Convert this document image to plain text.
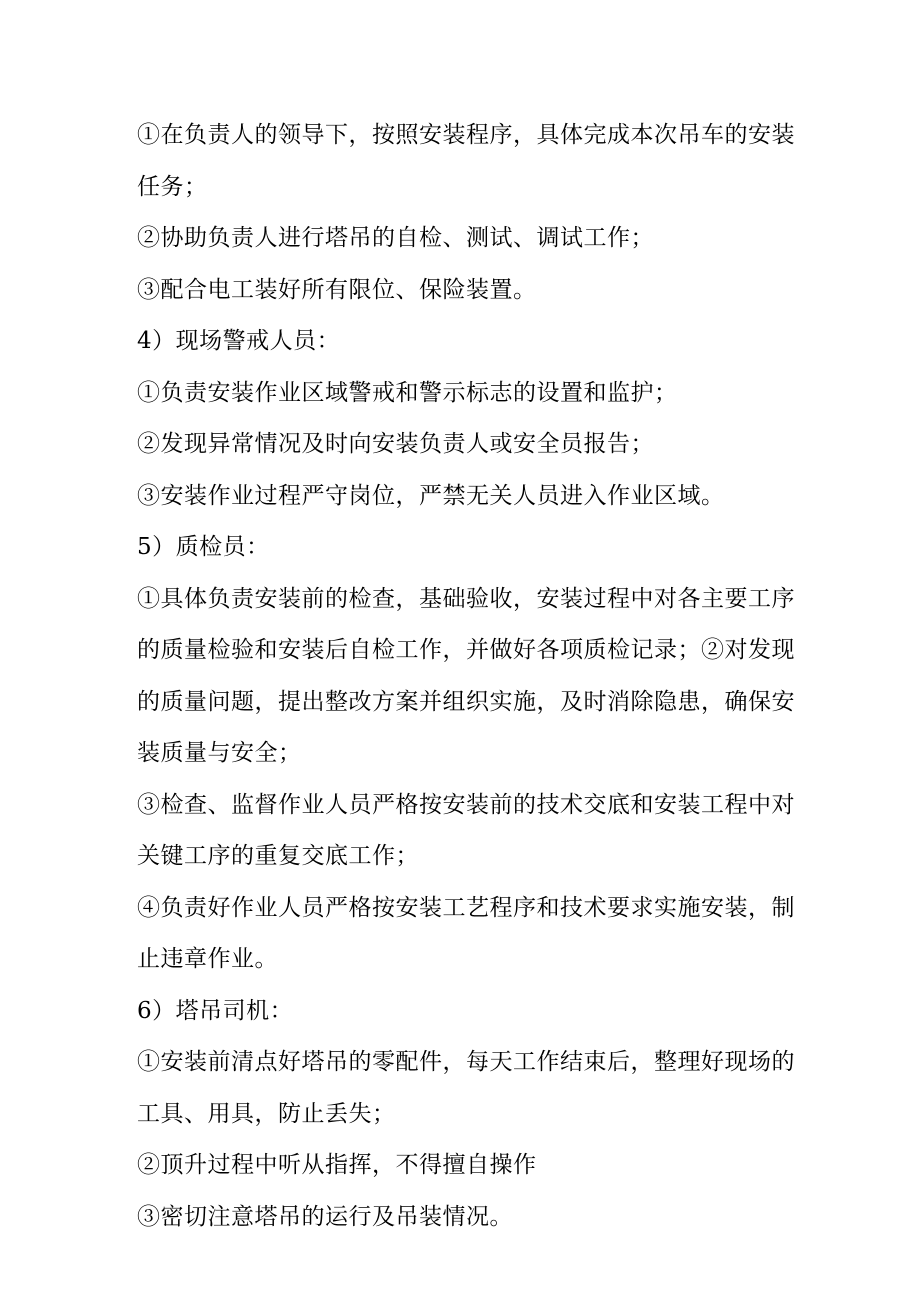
①在负责人的领导下，按照安装程序，具体完成本次吊车的安装

任务；

②协助负责人进行塔吊的自检、测试、调试工作；

③配合电工装好所有限位、保险装置。

4）现场警戒人员：

①负责安装作业区域警戒和警示标志的设置和监护；

②发现异常情况及时向安装负责人或安全员报告；

③安装作业过程严守岗位，严禁无关人员进入作业区域。

5）质检员：

①具体负责安装前的检查，基础验收，安装过程中对各主要工序

的质量检验和安装后自检工作，并做好各项质检记录；②对发现

的质量问题，提出整改方案并组织实施，及时消除隐患，确保安

装质量与安全；

③检查、监督作业人员严格按安装前的技术交底和安装工程中对

关键工序的重复交底工作；

④负责好作业人员严格按安装工艺程序和技术要求实施安装，制

止违章作业。

6）塔吊司机：

①安装前清点好塔吊的零配件，每天工作结束后，整理好现场的

工具、用具，防止丢失；

②顶升过程中听从指挥，不得擅自操作

③密切注意塔吊的运行及吊装情况。
